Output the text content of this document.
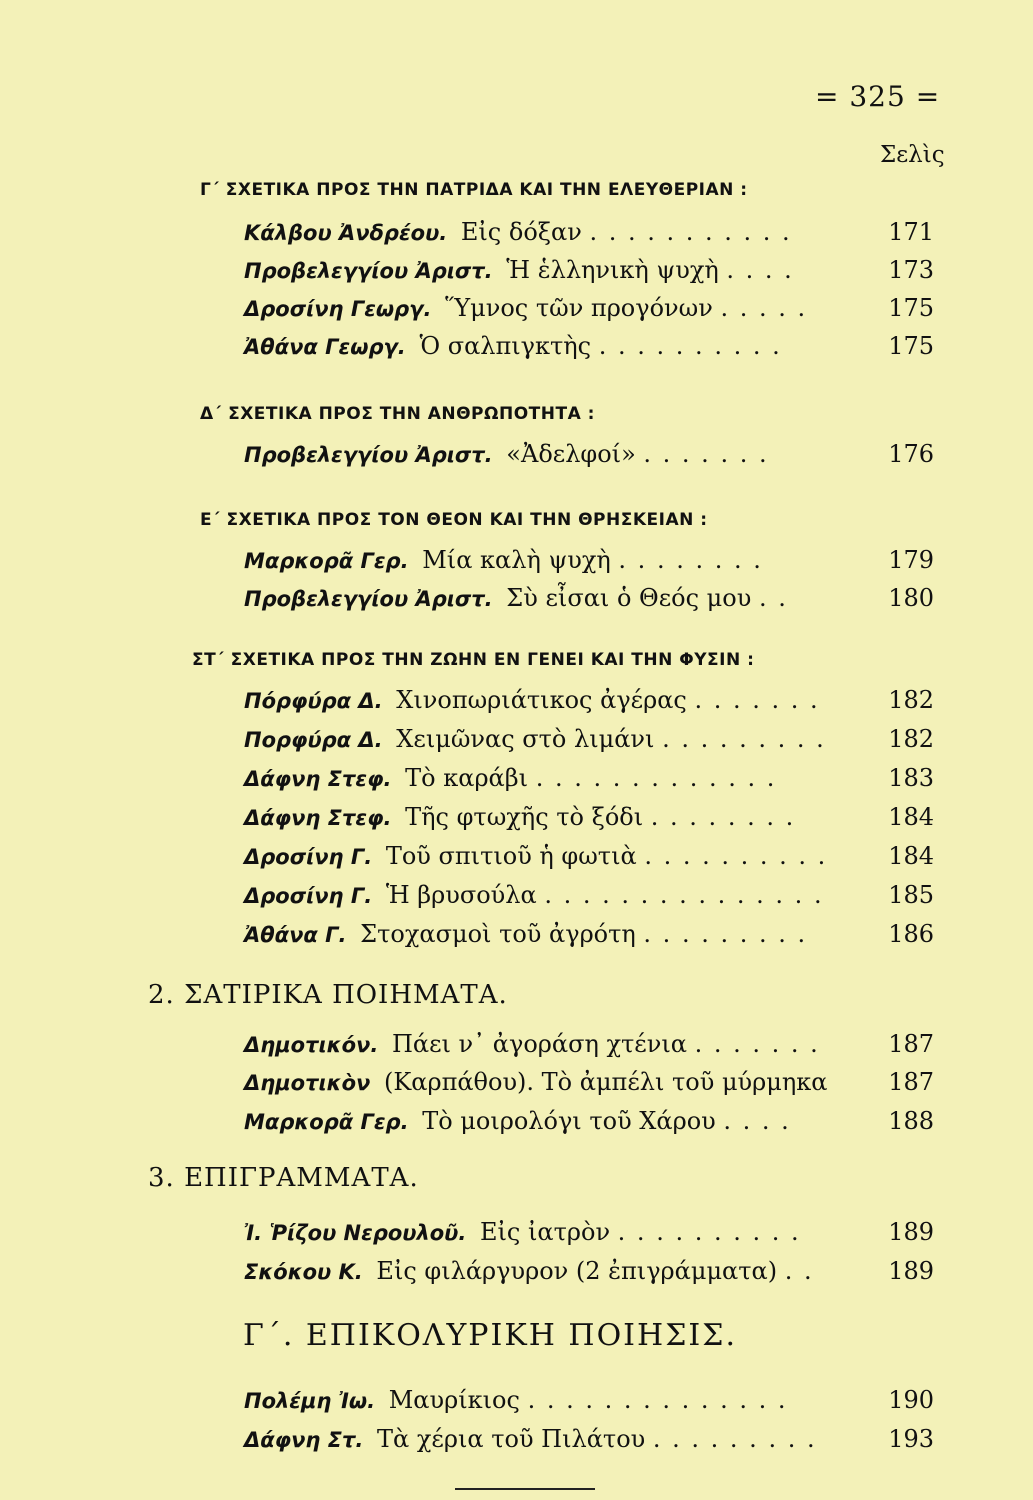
= 325 =
Σελὶς
Γ΄ ΣΧΕΤΙΚΑ ΠΡΟΣ ΤΗΝ ΠΑΤΡΙΔΑ ΚΑΙ ΤΗΝ ΕΛΕΥΘΕΡΙΑΝ :
Κάλβου Ἀνδρέου. Εἰς δόξαν . . . . . . . . . . .	171
Προβελεγγίου Ἀριστ. Ἡ ἑλληνικὴ ψυχὴ . . . .	173
Δροσίνη Γεωργ. Ὕμνος τῶν προγόνων . . . . .	175
Ἀθάνα Γεωργ. Ὁ σαλπιγκτὴς . . . . . . . . . .	175
Δ΄ ΣΧΕΤΙΚΑ ΠΡΟΣ ΤΗΝ ΑΝΘΡΩΠΟΤΗΤΑ :
Προβελεγγίου Ἀριστ. «Ἀδελφοί» . . . . . . .	176
Ε΄ ΣΧΕΤΙΚΑ ΠΡΟΣ ΤΟΝ ΘΕΟΝ ΚΑΙ ΤΗΝ ΘΡΗΣΚΕΙΑΝ :
Μαρκορᾶ Γερ. Μία καλὴ ψυχὴ . . . . . . . .	179
Προβελεγγίου Ἀριστ. Σὺ εἶσαι ὁ Θεός μου . .	180
ΣΤ΄ ΣΧΕΤΙΚΑ ΠΡΟΣ ΤΗΝ ΖΩΗΝ ΕΝ ΓΕΝΕΙ ΚΑΙ ΤΗΝ ΦΥΣΙΝ :
Πόρφύρα Δ. Χινοπωριάτικος ἀγέρας . . . . . . .	182
Πορφύρα Δ. Χειμῶνας στὸ λιμάνι . . . . . . . . .	182
Δάφνη Στεφ. Τὸ καράβι . . . . . . . . . . . . .	183
Δάφνη Στεφ. Τῆς φτωχῆς τὸ ξόδι . . . . . . . .	184
Δροσίνη Γ. Τοῦ σπιτιοῦ ἡ φωτιὰ . . . . . . . . . .	184
Δροσίνη Γ. Ἡ βρυσούλα . . . . . . . . . . . . . . .	185
Ἀθάνα Γ. Στοχασμοὶ τοῦ ἀγρότη . . . . . . . . .	186
2. ΣΑΤΙΡΙΚΑ ΠΟΙΗΜΑΤΑ.
Δημοτικόν. Πάει ν᾿ ἀγοράση χτένια . . . . . . .	187
Δημοτικὸν (Καρπάθου). Τὸ ἀμπέλι τοῦ μύρμηκα	187
Μαρκορᾶ Γερ. Τὸ μοιρολόγι τοῦ Χάρου . . . .	188
3. ΕΠΙΓΡΑΜΜΑΤΑ.
Ἰ. Ῥίζου Νερουλοῦ. Εἰς ἰατρὸν . . . . . . . . . .	189
Σκόκου Κ. Εἰς φιλάργυρον (2 ἐπιγράμματα) . .	189
Γ΄. ΕΠΙΚΟΛΥΡΙΚΗ ΠΟΙΗΣΙΣ.
Πολέμη Ἰω. Μαυρίκιος . . . . . . . . . . . . . .	190
Δάφνη Στ. Τὰ χέρια τοῦ Πιλάτου . . . . . . . . .	193
